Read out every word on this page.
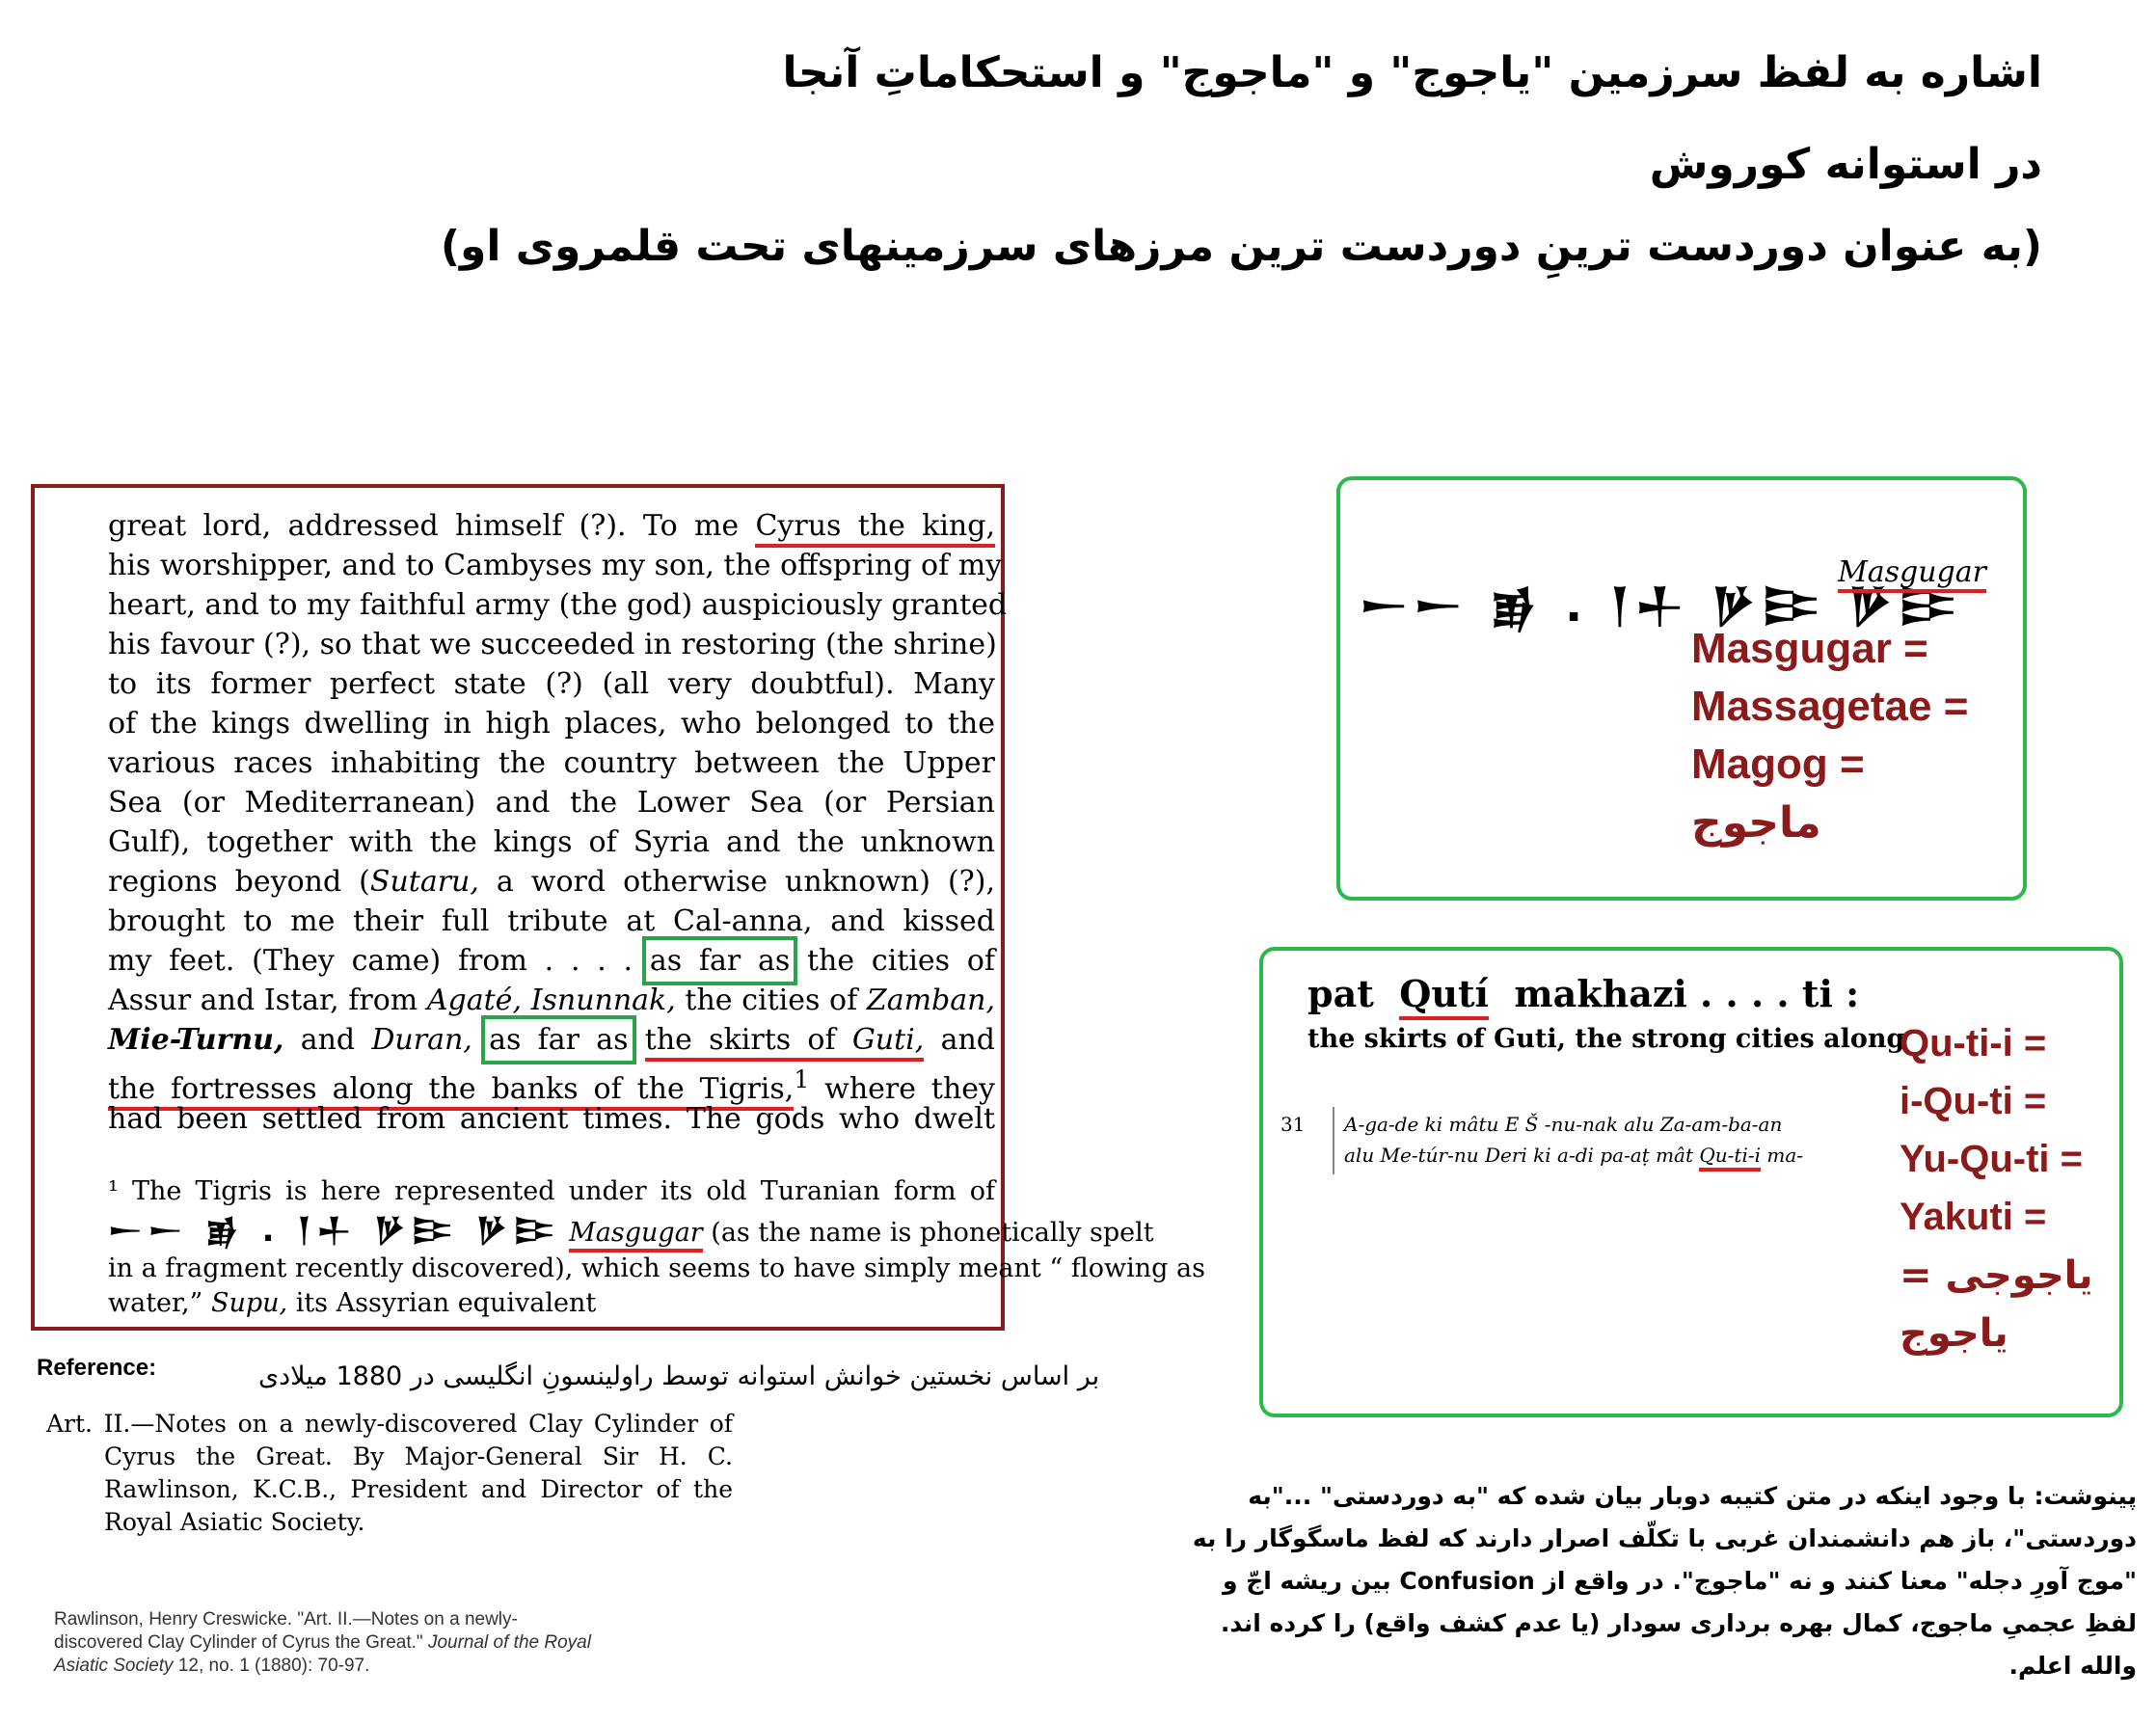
اشاره به لفظ سرزمین "یاجوج" و "ماجوج" و استحکاماتِ آنجا
در استوانه کوروش
(به عنوان دوردست ترینِ دوردست ترین مرزهای سرزمینهای تحت قلمروی او)
great lord, addressed himself (?). To me Cyrus the king,
his worshipper, and to Cambyses my son, the offspring of my
heart, and to my faithful army (the god) auspiciously granted
his favour (?), so that we succeeded in restoring (the shrine)
to its former perfect state (?) (all very doubtful). Many
of the kings dwelling in high places, who belonged to the
various races inhabiting the country between the Upper
Sea (or Mediterranean) and the Lower Sea (or Persian
Gulf), together with the kings of Syria and the unknown
regions beyond (Sutaru, a word otherwise unknown) (?),
brought to me their full tribute at Cal-anna, and kissed
my feet. (They came) from . . . . as far as the cities of
Assur and Istar, from Agaté, Isnunnak, the cities of Zamban,
Mie-Turnu, and Duran, as far as the skirts of Guti, and
the fortresses along the banks of the Tigris,$^1$ where they
had been settled from ancient times. The gods who dwelt
¹ The Tigris is here represented under its old Turanian form of
𒀸𒀸 𒂊 . 𒁹𒈦 𒃻𒄿 𒃻𒄿 Masgugar (as the name is phonetically spelt
in a fragment recently discovered), which seems to have simply meant “ flowing as
water,” Supu, its Assyrian equivalent
Reference:	بر اساس نخستین خوانش استوانه توسط راولینسونِ انگلیسی در 1880 میلادی
Art. II.—Notes on a newly-discovered Clay Cylinder of
Cyrus the Great. By Major-General Sir H. C.
Rawlinson, K.C.B., President and Director of the
Royal Asiatic Society.
Rawlinson, Henry Creswicke. "Art. II.—Notes on a newly-discovered Clay Cylinder of Cyrus the Great." Journal of the Royal Asiatic Society 12, no. 1 (1880): 70-97.
𒀸𒀸 𒂊 . 𒁹𒈦 𒃻𒄿 𒃻𒄿
Masgugar
Masgugar =
Massagetae =
Magog =
ماجوج
pat Qutí makhazi . . . . ti :
the skirts of Guti, the strong cities along
31 A-ga-de ki mâtu E Š -nu-nak alu Za-am-ba-an
alu Me-túr-nu Deri ki a-di pa-aṭ mât Qu-ti-i ma-
Qu-ti-i =
i-Qu-ti =
Yu-Qu-ti =
Yakuti =
یاجوجی =
یاجوج
پینوشت: با وجود اینکه در متن کتیبه دوبار بیان شده که "به دوردستی" ..."به دوردستی"، باز هم دانشمندان غربی با تکلّف اصرار دارند که لفظ ماسگوگار را به "موج آورِ دجله" معنا کنند و نه "ماجوج". در واقع از Confusion بین ریشه اجّ و لفظِ عجمیِ ماجوج، کمال بهره برداری سودار (یا عدم کشف واقع) را کرده اند. والله اعلم.
